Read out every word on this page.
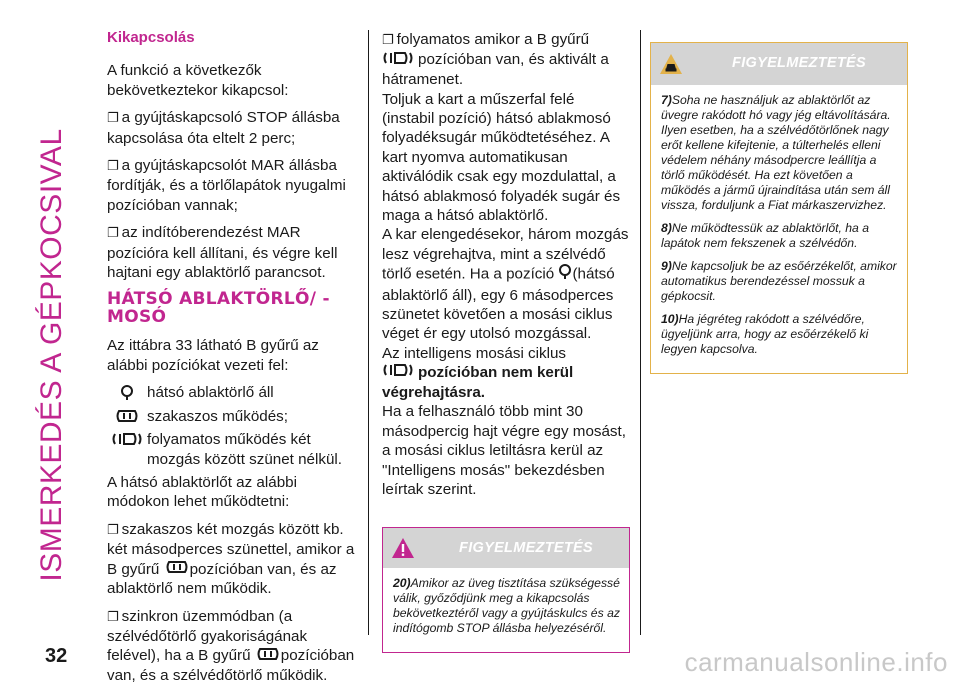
ISMERKEDÉS A GÉPKOCSIVAL
Kikapcsolás

A funkció a következők bekövetkeztekor kikapcsol:

❐ a gyújtáskapcsoló STOP állásba kapcsolása óta eltelt 2 perc;

❐ a gyújtáskapcsolót MAR állásba fordítják, és a törlőlapátok nyugalmi pozícióban vannak;

❐ az indítóberendezést MAR pozícióra kell állítani, és végre kell hajtani egy ablaktörlő parancsot.

HÁTSÓ ABLAKTÖRLŐ/ -MOSÓ

Az ittábra 33 látható B gyűrű az alábbi pozíciókat vezeti fel:

hátsó ablaktörlő áll
szakaszos működés;
folyamatos működés két mozgás között szünet nélkül.

A hátsó ablaktörlőt az alábbi módokon lehet működtetni:

❐ szakaszos két mozgás között kb. két másodperces szünettel, amikor a B gyűrű pozícióban van, és az ablaktörlő nem működik.

❐ szinkron üzemmódban (a szélvédőtörlő gyakoriságának felével), ha a B gyűrű pozícióban van, és a szélvédőtörlő működik.

❐ folyamatos amikor a B gyűrű
pozícióban van, és aktivált a hátramenet.

Toljuk a kart a műszerfal felé (instabil pozíció) hátsó ablakmosó folyadéksugár működtetéséhez. A kart nyomva automatikusan aktiválódik csak egy mozdulattal, a hátsó ablakmosó folyadék sugár és maga a hátsó ablaktörlő.

A kar elengedésekor, három mozgás lesz végrehajtva, mint a szélvédő törlő esetén. Ha a pozíció (hátsó ablaktörlő áll), egy 6 másodperces szünetet követően a mosási ciklus véget ér egy utolsó mozgással.

Az intelligens mosási ciklus
pozícióban nem kerül végrehajtásra.

Ha a felhasználó több mint 30 másodpercig hajt végre egy mosást, a mosási ciklus letiltásra kerül az "Intelligens mosás" bekezdésben leírtak szerint.

FIGYELMEZTETÉS

20)Amikor az üveg tisztítása szükségessé válik, győződjünk meg a kikapcsolás bekövetkeztéről vagy a gyújtáskulcs és az indítógomb STOP állásba helyezéséről.

FIGYELMEZTETÉS

7)Soha ne használjuk az ablaktörlőt az üvegre rakódott hó vagy jég eltávolítására. Ilyen esetben, ha a szélvédőtörlőnek nagy erőt kellene kifejtenie, a túlterhelés elleni védelem néhány másodpercre leállítja a törlő működését. Ha ezt követően a működés a jármű újraindítása után sem áll vissza, forduljunk a Fiat márkaszervizhez.

8)Ne működtessük az ablaktörlőt, ha a lapátok nem fekszenek a szélvédőn.

9)Ne kapcsoljuk be az esőérzékelőt, amikor automatikus berendezéssel mossuk a gépkocsit.

10)Ha jégréteg rakódott a szélvédőre, ügyeljünk arra, hogy az esőérzékelő ki legyen kapcsolva.

32	carmanualsonline.info
